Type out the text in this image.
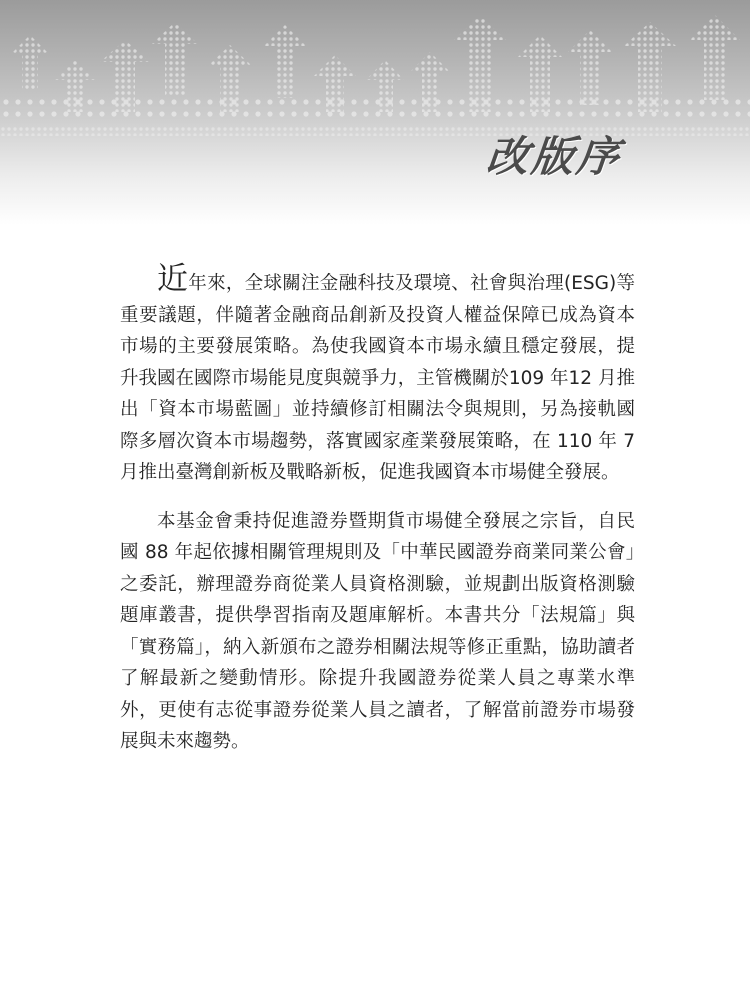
改版序

近年來，全球關注金融科技及環境、社會與治理(ESG)等重要議題，伴隨著金融商品創新及投資人權益保障已成為資本市場的主要發展策略。為使我國資本市場永續且穩定發展，提升我國在國際市場能見度與競爭力，主管機關於109 年12 月推出「資本市場藍圖」並持續修訂相關法令與規則，另為接軌國際多層次資本市場趨勢，落實國家產業發展策略，在 110 年 7 月推出臺灣創新板及戰略新板，促進我國資本市場健全發展。

本基金會秉持促進證券暨期貨市場健全發展之宗旨，自民國 88 年起依據相關管理規則及「中華民國證券商業同業公會」之委託，辦理證券商從業人員資格測驗，並規劃出版資格測驗題庫叢書，提供學習指南及題庫解析。本書共分「法規篇」與「實務篇」，納入新頒布之證券相關法規等修正重點，協助讀者了解最新之變動情形。除提升我國證券從業人員之專業水準外，更使有志從事證券從業人員之讀者，了解當前證券市場發展與未來趨勢。
